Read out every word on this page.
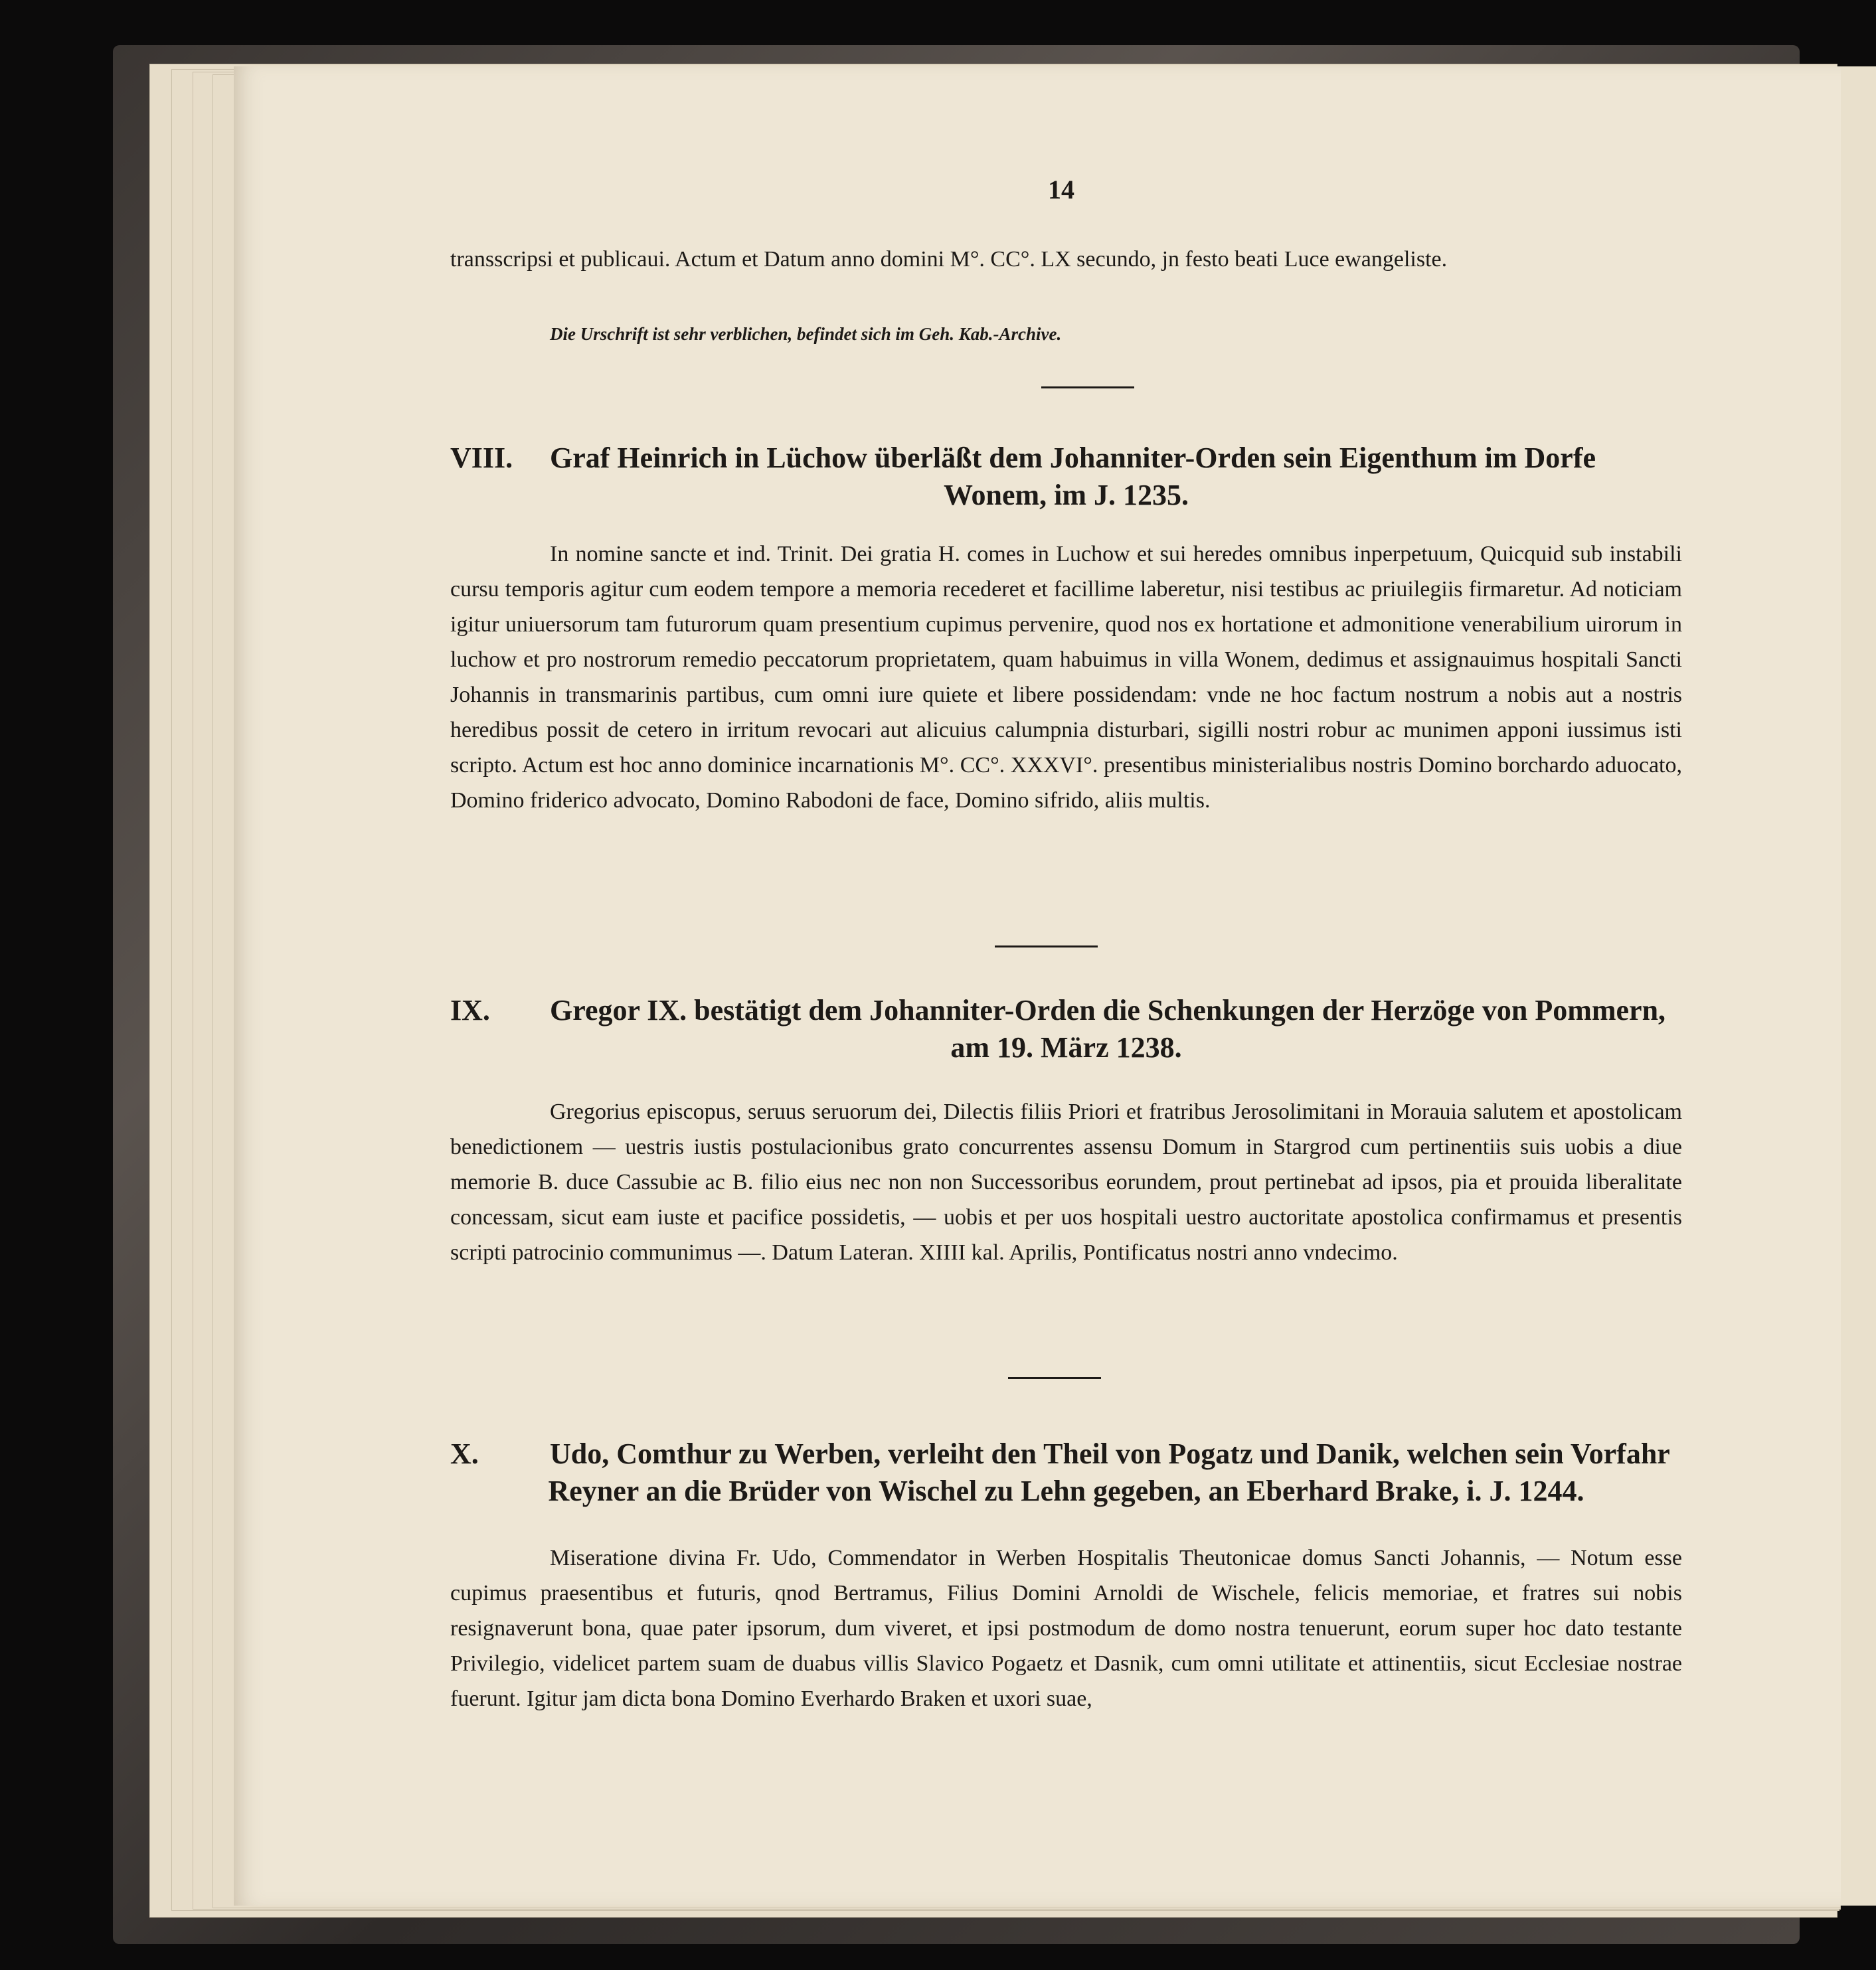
14

transscripsi et publicaui. Actum et Datum anno domini M°. CC°. LX secundo, jn festo beati Luce ewangeliste.

Die Urschrift ist sehr verblichen, befindet sich im Geh. Kab.-Archive.
VIII.	Graf Heinrich in Lüchow überläßt dem Johanniter-Orden sein Eigenthum im Dorfe
Wonem, im J. 1235.

In nomine sancte et ind. Trinit. Dei gratia H. comes in Luchow et sui heredes omnibus inperpetuum, Quicquid sub instabili cursu temporis agitur cum eodem tempore a memoria recederet et facillime laberetur, nisi testibus ac priuilegiis firmaretur. Ad noticiam igitur uniuersorum tam futurorum quam presentium cupimus pervenire, quod nos ex hortatione et admonitione venerabilium uirorum in luchow et pro nostrorum remedio peccatorum proprietatem, quam habuimus in villa Wonem, dedimus et assignauimus hospitali Sancti Johannis in transmarinis partibus, cum omni iure quiete et libere possidendam: vnde ne hoc factum nostrum a nobis aut a nostris heredibus possit de cetero in irritum revocari aut alicuius calumpnia disturbari, sigilli nostri robur ac munimen apponi iussimus isti scripto. Actum est hoc anno dominice incarnationis M°. CC°. XXXVI°. presentibus ministerialibus nostris Domino borchardo aduocato, Domino friderico advocato, Domino Rabodoni de face, Domino sifrido, aliis multis.

IX.	Gregor IX. bestätigt dem Johanniter-Orden die Schenkungen der Herzöge von Pommern,
am 19. März 1238.

Gregorius episcopus, seruus seruorum dei, Dilectis filiis Priori et fratribus Jerosolimitani in Morauia salutem et apostolicam benedictionem — uestris iustis postulacionibus grato concurrentes assensu Domum in Stargrod cum pertinentiis suis uobis a diue memorie B. duce Cassubie ac B. filio eius nec non non Successoribus eorundem, prout pertinebat ad ipsos, pia et prouida liberalitate concessam, sicut eam iuste et pacifice possidetis, — uobis et per uos hospitali uestro auctoritate apostolica confirmamus et presentis scripti patrocinio communimus —. Datum Lateran. XIIII kal. Aprilis, Pontificatus nostri anno vndecimo.

X.	Udo, Comthur zu Werben, verleiht den Theil von Pogatz und Danik, welchen sein Vorfahr
Reyner an die Brüder von Wischel zu Lehn gegeben, an Eberhard Brake, i. J. 1244.

Miseratione divina Fr. Udo, Commendator in Werben Hospitalis Theutonicae domus Sancti Johannis, — Notum esse cupimus praesentibus et futuris, qnod Bertramus, Filius Domini Arnoldi de Wischele, felicis memoriae, et fratres sui nobis resignaverunt bona, quae pater ipsorum, dum viveret, et ipsi postmodum de domo nostra tenuerunt, eorum super hoc dato testante Privilegio, videlicet partem suam de duabus villis Slavico Pogaetz et Dasnik, cum omni utilitate et attinentiis, sicut Ecclesiae nostrae fuerunt. Igitur jam dicta bona Domino Everhardo Braken et uxori suae,
